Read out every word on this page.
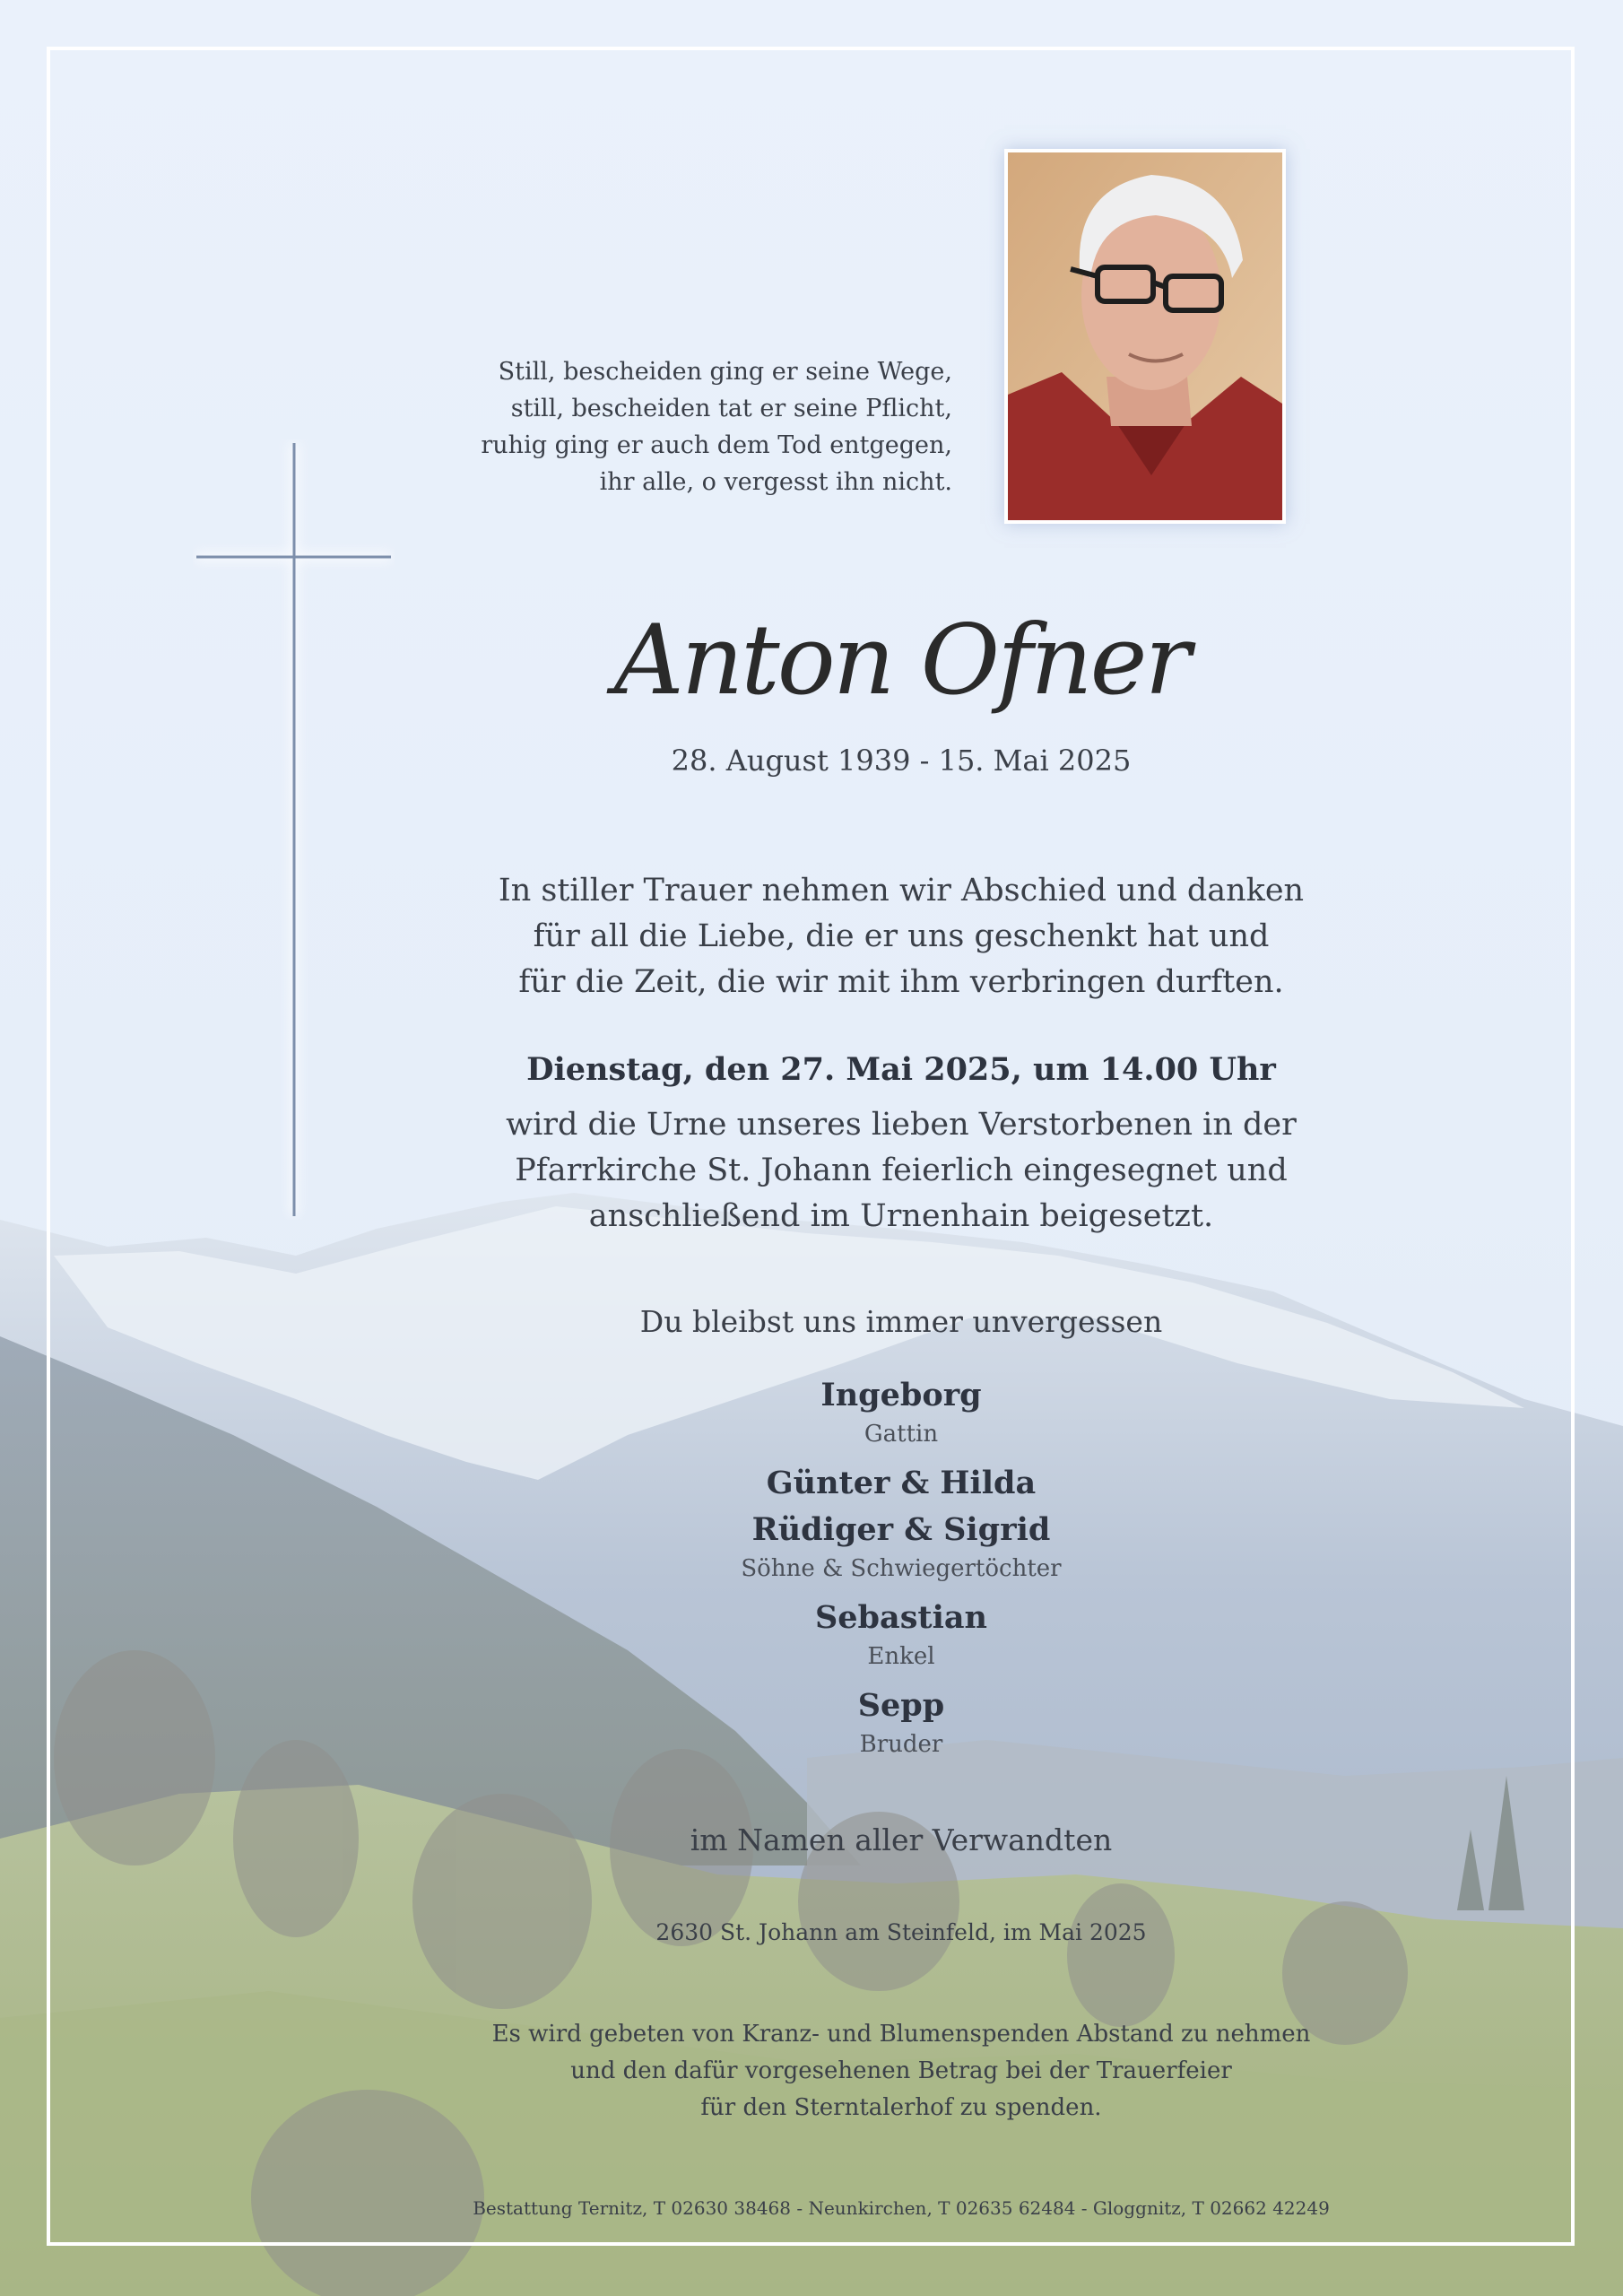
Still, bescheiden ging er seine Wege,
still, bescheiden tat er seine Pflicht,
ruhig ging er auch dem Tod entgegen,
ihr alle, o vergesst ihn nicht.
Anton Ofner
28. August 1939 - 15. Mai 2025
In stiller Trauer nehmen wir Abschied und danken
für all die Liebe, die er uns geschenkt hat und
für die Zeit, die wir mit ihm verbringen durften.
Dienstag, den 27. Mai 2025, um 14.00 Uhr
wird die Urne unseres lieben Verstorbenen in der
Pfarrkirche St. Johann feierlich eingesegnet und
anschließend im Urnenhain beigesetzt.
Du bleibst uns immer unvergessen
Ingeborg
Gattin
Günter & Hilda
Rüdiger & Sigrid
Söhne & Schwiegertöchter
Sebastian
Enkel
Sepp
Bruder
im Namen aller Verwandten
2630 St. Johann am Steinfeld, im Mai 2025
Es wird gebeten von Kranz- und Blumenspenden Abstand zu nehmen
und den dafür vorgesehenen Betrag bei der Trauerfeier
für den Sterntalerhof zu spenden.
Bestattung Ternitz, T 02630 38468 - Neunkirchen, T 02635 62484 - Gloggnitz, T 02662 42249
